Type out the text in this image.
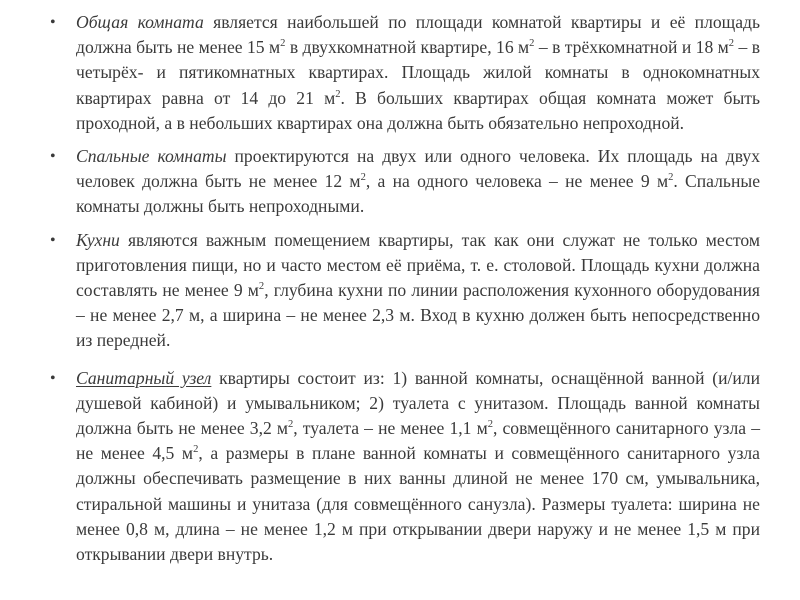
• Общая комната является наибольшей по площади комнатой квартиры и её площадь должна быть не менее 15 $м^2$ в двухкомнатной квартире, 16 $м^2$ – в трёхкомнатной и 18 $м^2$ – в четырёх- и пятикомнатных квартирах. Площадь жилой комнаты в однокомнатных квартирах равна от 14 до 21 $м^2$. В больших квартирах общая комната может быть проходной, а в небольших квартирах она должна быть обязательно непроходной.
• Спальные комнаты проектируются на двух или одного человека. Их площадь на двух человек должна быть не менее 12 $м^2$, а на одного человека – не менее 9 $м^2$. Спальные комнаты должны быть непроходными.
• Кухни являются важным помещением квартиры, так как они служат не только местом приготовления пищи, но и часто местом её приёма, т. е. столовой. Площадь кухни должна составлять не менее 9 $м^2$, глубина кухни по линии расположения кухонного оборудования – не менее 2,7 м, а ширина – не менее 2,3 м. Вход в кухню должен быть непосредственно из передней.
• Санитарный узел квартиры состоит из: 1) ванной комнаты, оснащённой ванной (и/или душевой кабиной) и умывальником; 2) туалета с унитазом. Площадь ванной комнаты должна быть не менее 3,2 $м^2$, туалета – не менее 1,1 $м^2$, совмещённого санитарного узла – не менее 4,5 $м^2$, а размеры в плане ванной комнаты и совмещённого санитарного узла должны обеспечивать размещение в них ванны длиной не менее 170 см, умывальника, стиральной машины и унитаза (для совмещённого санузла). Размеры туалета: ширина не менее 0,8 м, длина – не менее 1,2 м при открывании двери наружу и не менее 1,5 м при открывании двери внутрь.
